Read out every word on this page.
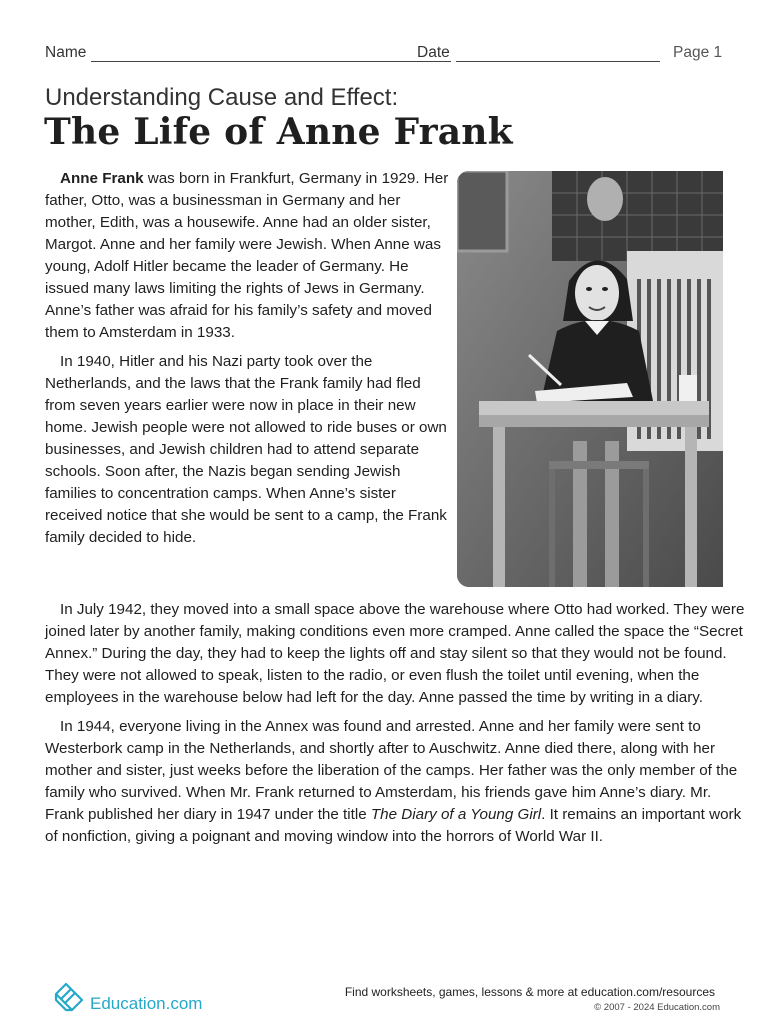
Name	Date	Page 1
Understanding Cause and Effect:
The Life of Anne Frank

Anne Frank was born in Frankfurt, Germany in 1929. Her father, Otto, was a businessman in Germany and her mother, Edith, was a housewife. Anne had an older sister, Margot. Anne and her family were Jewish. When Anne was young, Adolf Hitler became the leader of Germany. He issued many laws limiting the rights of Jews in Germany. Anne’s father was afraid for his family’s safety and moved them to Amsterdam in 1933.

In 1940, Hitler and his Nazi party took over the Netherlands, and the laws that the Frank family had fled from seven years earlier were now in place in their new home. Jewish people were not allowed to ride buses or own businesses, and Jewish children had to attend separate schools. Soon after, the Nazis began sending Jewish families to concentration camps. When Anne’s sister received notice that she would be sent to a camp, the Frank family decided to hide.

In July 1942, they moved into a small space above the warehouse where Otto had worked. They were joined later by another family, making conditions even more cramped. Anne called the space the “Secret Annex.” During the day, they had to keep the lights off and stay silent so that they would not be found. They were not allowed to speak, listen to the radio, or even flush the toilet until evening, when the employees in the warehouse below had left for the day. Anne passed the time by writing in a diary.

In 1944, everyone living in the Annex was found and arrested. Anne and her family were sent to Westerbork camp in the Netherlands, and shortly after to Auschwitz. Anne died there, along with her mother and sister, just weeks before the liberation of the camps. Her father was the only member of the family who survived. When Mr. Frank returned to Amsterdam, his friends gave him Anne’s diary. Mr. Frank published her diary in 1947 under the title The Diary of a Young Girl. It remains an important work of nonfiction, giving a poignant and moving window into the horrors of World War II.

Education.com
Find worksheets, games, lessons & more at education.com/resources
© 2007 - 2024 Education.com
